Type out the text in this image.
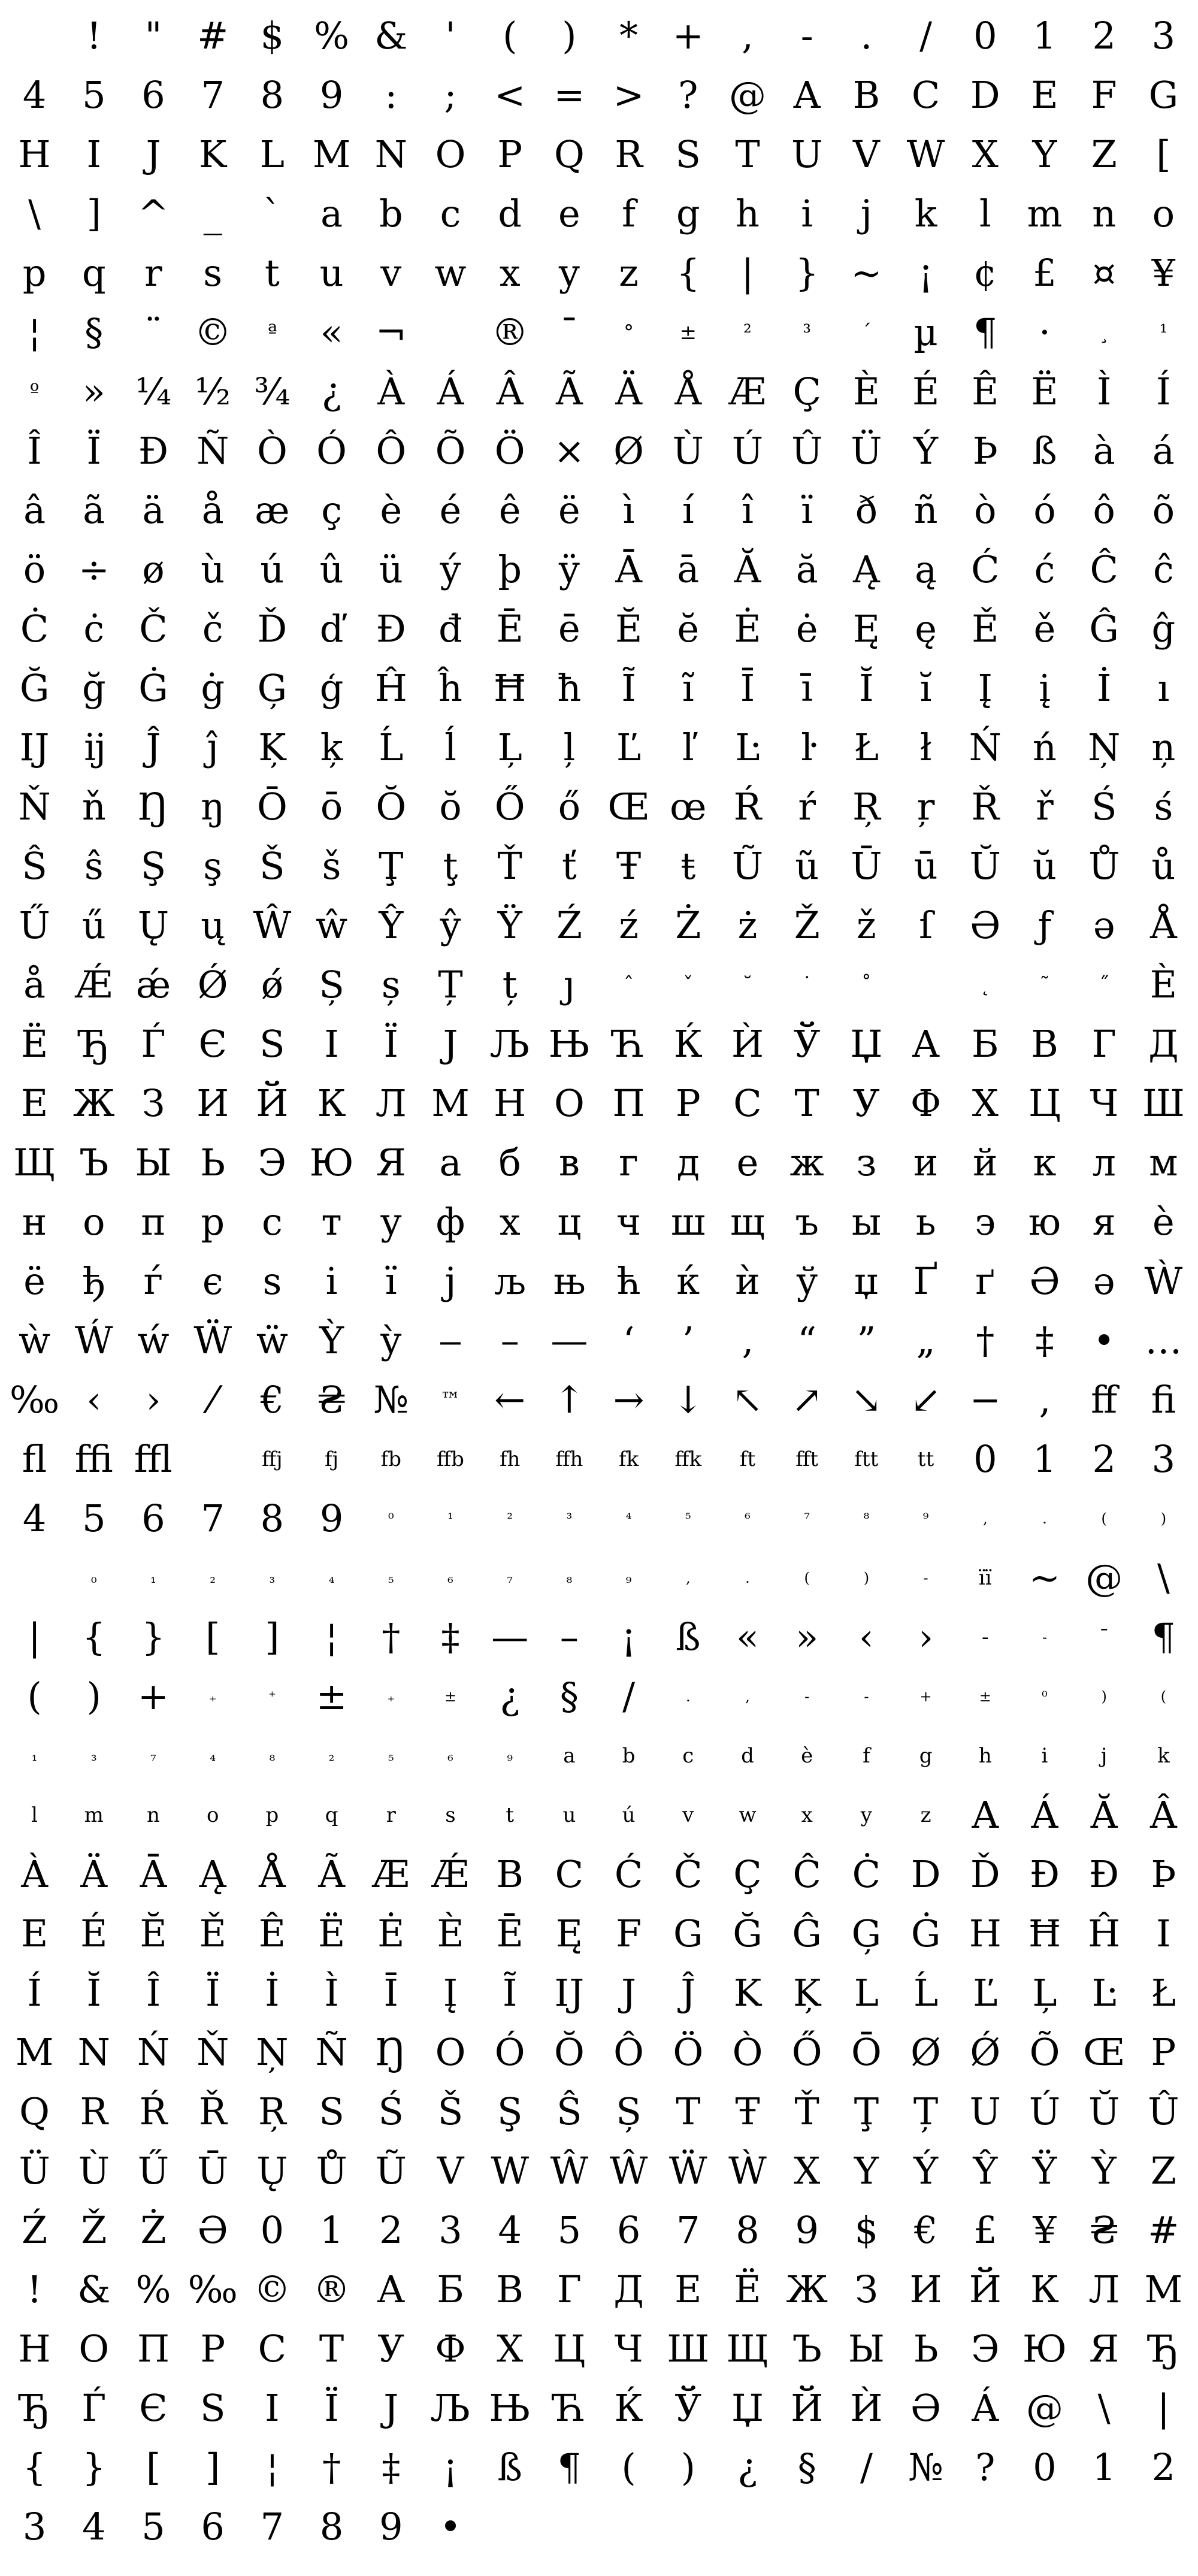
!	" # $ % &	'	(	)	* +	,	-	.	/	0 1 2 3
4 5 6 7 8 9	:	;	< = > ? @ A B C D E F G
H I	J	K L M N O P Q R S T U V W X Y Z	[
\	] ^ _	`	a b c d e	f	g h	i	j	k	l m n o
p q	r	s	t	u v w x	y	z	{	|	} ~ ¡	¢ £ ¤ ¥
¦	§	¨ ©	ª	« ¬	® ¯	°	±	²	³	´	µ ¶	·	¸	¹
º	» ¼ ½ ¾ ¿ À Á Â Ã Ä Å Æ Ç È É Ê Ë	Ì	Í
Î	Ï Ð Ñ Ò Ó Ô Õ Ö × Ø Ù Ú Û Ü Ý Þ ß à	á
â	ã	ä	å æ ç	è	é	ê	ë	ì	í	î	ï	ð ñ ò ó ô õ
ö ÷ ø ù ú û ü ý þ ÿ Ā ā Ă ă Ą ą Ć ć Ĉ ĉ
Ċ ċ Č č Ď ď Đ đ Ē ē Ĕ ĕ Ė ė Ę ę Ě ě Ĝ ĝ
Ğ ğ Ġ ġ Ģ ģ Ĥ ĥ Ħ ħ	Ĩ	ĩ	Ī	ī	Ĭ	ĭ	Į	į	İ	ı
Ĳ ĳ	Ĵ	ĵ	Ķ ķ Ĺ	ĺ	Ļ	ļ	Ľ	ľ	Ŀ	ŀ	Ł	ł	Ń ń Ņ ņ
Ň ň Ŋ ŋ Ō ō Ŏ ŏ Ő ő Œ œ Ŕ ŕ Ŗ ŗ Ř ř	Ś	ś
Ŝ	ŝ	Ş	ş	Š	š	Ţ	ţ	Ť	ť	Ŧ	ŧ Ũ ũ Ū ū Ŭ ŭ Ů ů
Ű ű Ų ų Ŵ ŵ Ŷ ŷ Ÿ Ź ź Ż ż Ž ž	ſ	Ə	ƒ	ə Å
å Ǽ ǽ Ǿ ǿ Ș	ș	Ț	ț	ȷ	ˆ	ˇ	˘	˙	˚	˛	˜	˝	È
Ë Ђ Ѓ Є Ѕ	І	Ї	Ј Љ Њ Ћ Ќ Ѝ Ў Џ А Б В Г Д
Е Ж З И Й К Л М Н О П Р С Т У Ф Х Ц Ч Ш
Щ Ъ Ы Ь Э Ю Я а	б	в	г	д е ж з и й к л м
н о п р с	т	у ф х ц ч ш щ ъ ы ь	э ю я è
ё ђ	ѓ	є	ѕ	і	ї	ј	љ њ ћ ќ ѝ ў џ Ґ ґ Ә ә Ẁ
ẁ Ẃ ẃ Ẅ ẅ Ỳ ỳ ‒	– — ‘	’	‚	“	”	„	†	‡	• …
‰ ‹	›	⁄	€ ₴ №	™ ← ↑ → ↓ ↖ ↗ ↘ ↙ −	‚	ﬀ ﬁ
ﬂ ﬃ ﬄ	ffj	fj	fb	ffb	fh	ffh	fk	ffk	ft	fft	ftt	tt	0 1 2 3
4 5 6 7 8 9	⁰	¹	²	³	⁴	⁵	⁶	⁷	⁸	⁹	,	.	(	)
₀	₁	₂	₃	₄	₅	₆	₇	₈	₉	,	.	(	)	-	ïï	~ @ \
|	{ }	[	]	¦	†	‡ — –	¡	ß « »	‹	›	-	-	¯	¶
(	) +	₊	⁺	±	₊	±	¿	§	/	.	,	-	-	+	±	⁰	)	(
₁	₃	₇	₄	₈	₂	₅	₆	₉	a	b	c	d	è	f	g	h	i	j	k
l	m	n	o	p	q	r	s	t	u	ú	v	w	x	y	z	A Á Ă Â
À Ä Ā Ą Å Ã Æ Ǽ B C Ć Č Ç Ĉ Ċ D Ď Đ Ð Þ
E É Ĕ Ě Ê Ë Ė È Ē Ę F G Ğ Ĝ Ģ Ġ H Ħ Ĥ I
Í	Ĭ	Î	Ï	İ	Ì	Ī	Į	Ĩ	Ĳ J	Ĵ	K Ķ L Ĺ Ľ Ļ Ŀ Ł
M N Ń Ň Ņ Ñ Ŋ O Ó Ŏ Ô Ö Ò Ő Ō Ø Ǿ Õ Œ P
Q R Ŕ Ř Ŗ S Ś Š Ş Ŝ Ș T Ŧ Ť Ţ Ț U Ú Ŭ Û
Ü Ù Ű Ū Ų Ů Ũ V W Ŵ Ŵ Ẅ Ẁ X Y Ý Ŷ Ÿ Ỳ Z
Ź Ž Ż Ə 0 1 2 3 4 5 6 7 8 9 $ € £ ¥ ₴ #
! & % ‰ © ® А Б В Г Д Е Ё Ж З И Й К Л М
Н О П Р С Т У Ф Х Ц Ч Ш Щ Ъ Ы Ь Э Ю Я Ђ
Ђ Ѓ Є Ѕ	І	Ї	Ј Љ Њ Ћ Ќ Ў Џ Й Ѝ Ә Á @ \	|
{ }	[	]	¦	†	‡	¡	ß ¶	(	)	¿	§	/ № ?	0 1 2
3 4 5 6 7 8 9 •
